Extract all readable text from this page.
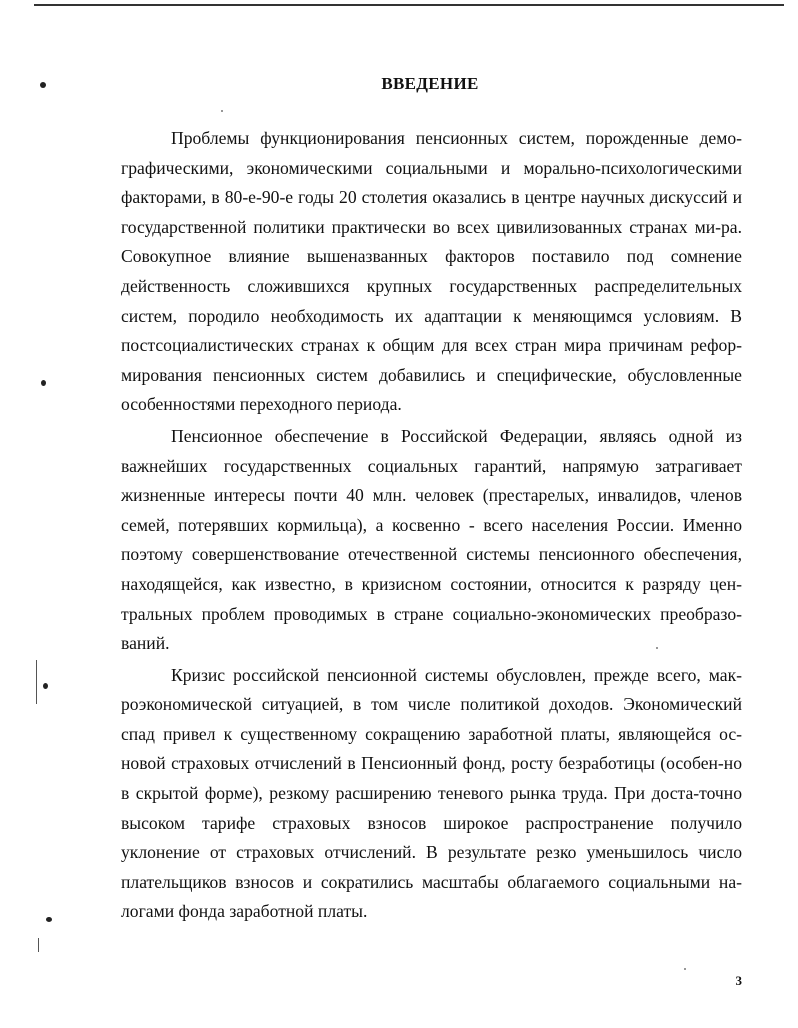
ВВЕДЕНИЕ

Проблемы функционирования пенсионных систем, порожденные демо-графическими, экономическими социальными и морально-психологическими факторами, в 80-е-90-е годы 20 столетия оказались в центре научных дискуссий и государственной политики практически во всех цивилизованных странах ми-ра. Совокупное влияние вышеназванных факторов поставило под сомнение действенность сложившихся крупных государственных распределительных систем, породило необходимость их адаптации к меняющимся условиям. В постсоциалистических странах к общим для всех стран мира причинам рефор-мирования пенсионных систем добавились и специфические, обусловленные особенностями переходного периода.

Пенсионное обеспечение в Российской Федерации, являясь одной из важнейших государственных социальных гарантий, напрямую затрагивает жизненные интересы почти 40 млн. человек (престарелых, инвалидов, членов семей, потерявших кормильца), а косвенно - всего населения России. Именно поэтому совершенствование отечественной системы пенсионного обеспечения, находящейся, как известно, в кризисном состоянии, относится к разряду цен-тральных проблем проводимых в стране социально-экономических преобразо-ваний.

Кризис российской пенсионной системы обусловлен, прежде всего, мак-роэкономической ситуацией, в том числе политикой доходов. Экономический спад привел к существенному сокращению заработной платы, являющейся ос-новой страховых отчислений в Пенсионный фонд, росту безработицы (особен-но в скрытой форме), резкому расширению теневого рынка труда. При доста-точно высоком тарифе страховых взносов широкое распространение получило уклонение от страховых отчислений. В результате резко уменьшилось число плательщиков взносов и сократились масштабы облагаемого социальными на-логами фонда заработной платы.

3
